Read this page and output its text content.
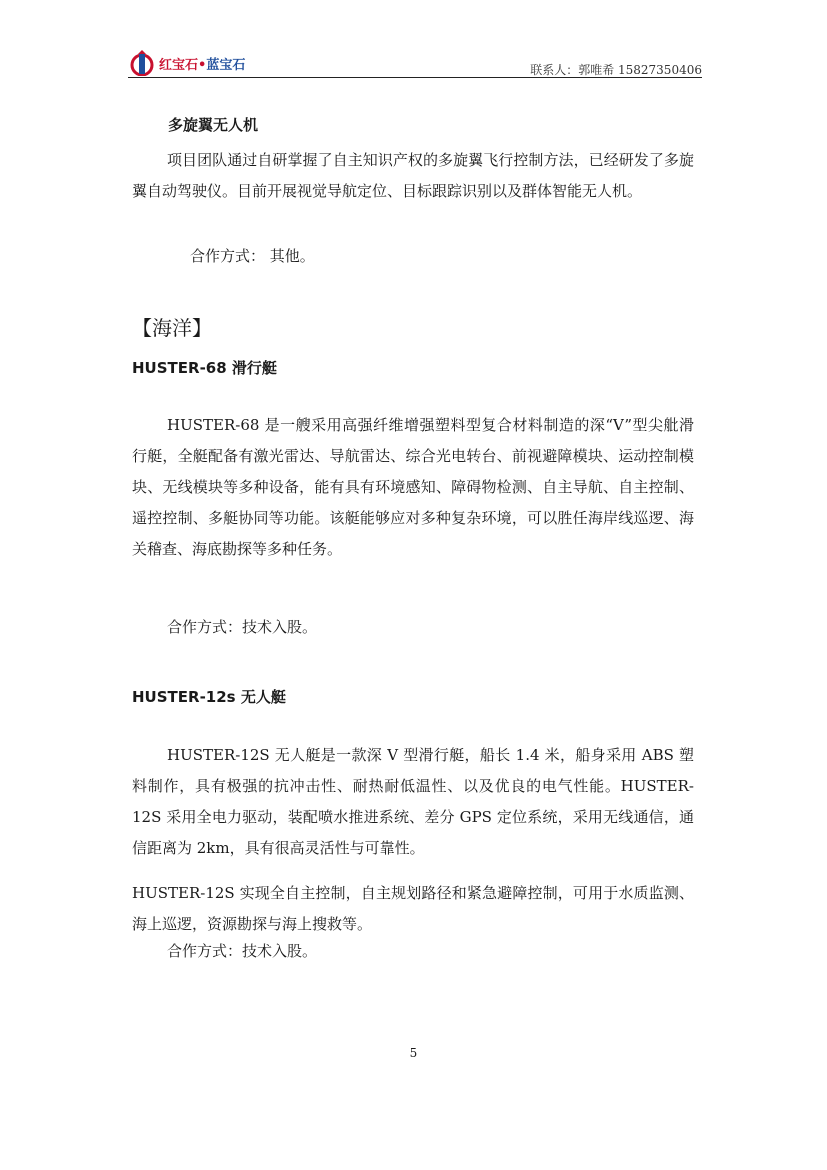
红宝石•蓝宝石	联系人：郭唯希 15827350406
多旋翼无人机
项目团队通过自研掌握了自主知识产权的多旋翼飞行控制方法，已经研发了多旋翼自动驾驶仪。目前开展视觉导航定位、目标跟踪识别以及群体智能无人机。
合作方式： 其他。
【海洋】
HUSTER-68 滑行艇
HUSTER-68 是一艘采用高强纤维增强塑料型复合材料制造的深“V”型尖舭滑行艇，全艇配备有激光雷达、导航雷达、综合光电转台、前视避障模块、运动控制模块、无线模块等多种设备，能有具有环境感知、障碍物检测、自主导航、自主控制、遥控控制、多艇协同等功能。该艇能够应对多种复杂环境，可以胜任海岸线巡逻、海关稽查、海底勘探等多种任务。
合作方式：技术入股。
HUSTER-12s 无人艇
HUSTER-12S 无人艇是一款深 V 型滑行艇，船长 1.4 米，船身采用 ABS 塑料制作，具有极强的抗冲击性、耐热耐低温性、以及优良的电气性能。HUSTER-12S 采用全电力驱动，装配喷水推进系统、差分 GPS 定位系统，采用无线通信，通信距离为 2km，具有很高灵活性与可靠性。
HUSTER-12S 实现全自主控制，自主规划路径和紧急避障控制，可用于水质监测、海上巡逻，资源勘探与海上搜救等。
合作方式：技术入股。
5
